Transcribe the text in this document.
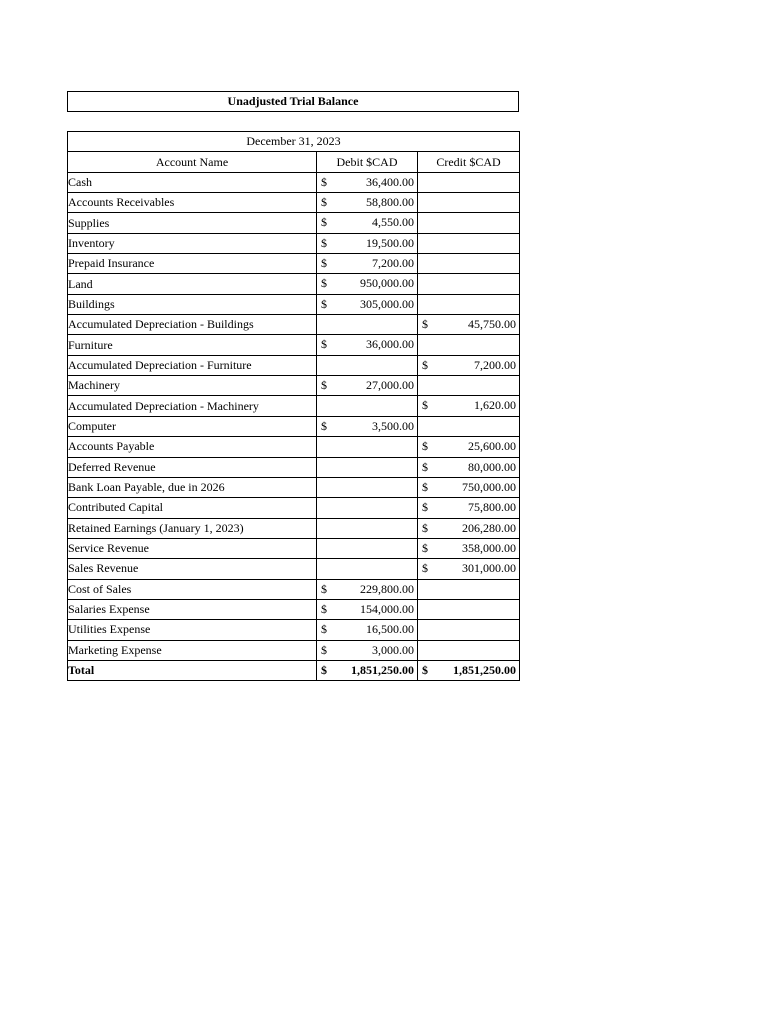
Unadjusted Trial Balance
December 31, 2023		
Account Name	Debit $CAD	Credit $CAD
Cash	$ 36,400.00	

Accounts Receivables	$ 58,800.00	

Supplies	$ 4,550.00	

Inventory	$ 19,500.00	

Prepaid Insurance	$ 7,200.00	

Land	$ 950,000.00	

Buildings	$ 305,000.00	

Accumulated Depreciation - Buildings		$ 45,750.00

Furniture	$ 36,000.00	

Accumulated Depreciation - Furniture		$ 7,200.00

Machinery	$ 27,000.00	

Accumulated Depreciation - Machinery		$ 1,620.00

Computer	$ 3,500.00	

Accounts Payable		$ 25,600.00

Deferred Revenue		$ 80,000.00

Bank Loan Payable, due in 2026		$ 750,000.00

Contributed Capital		$ 75,800.00

Retained Earnings (January 1, 2023)		$ 206,280.00

Service Revenue		$ 358,000.00

Sales Revenue		$ 301,000.00

Cost of Sales	$ 229,800.00	

Salaries Expense	$ 154,000.00	

Utilities Expense	$ 16,500.00	

Marketing Expense	$ 3,000.00	

Total	$ 1,851,250.00	$ 1,851,250.00
